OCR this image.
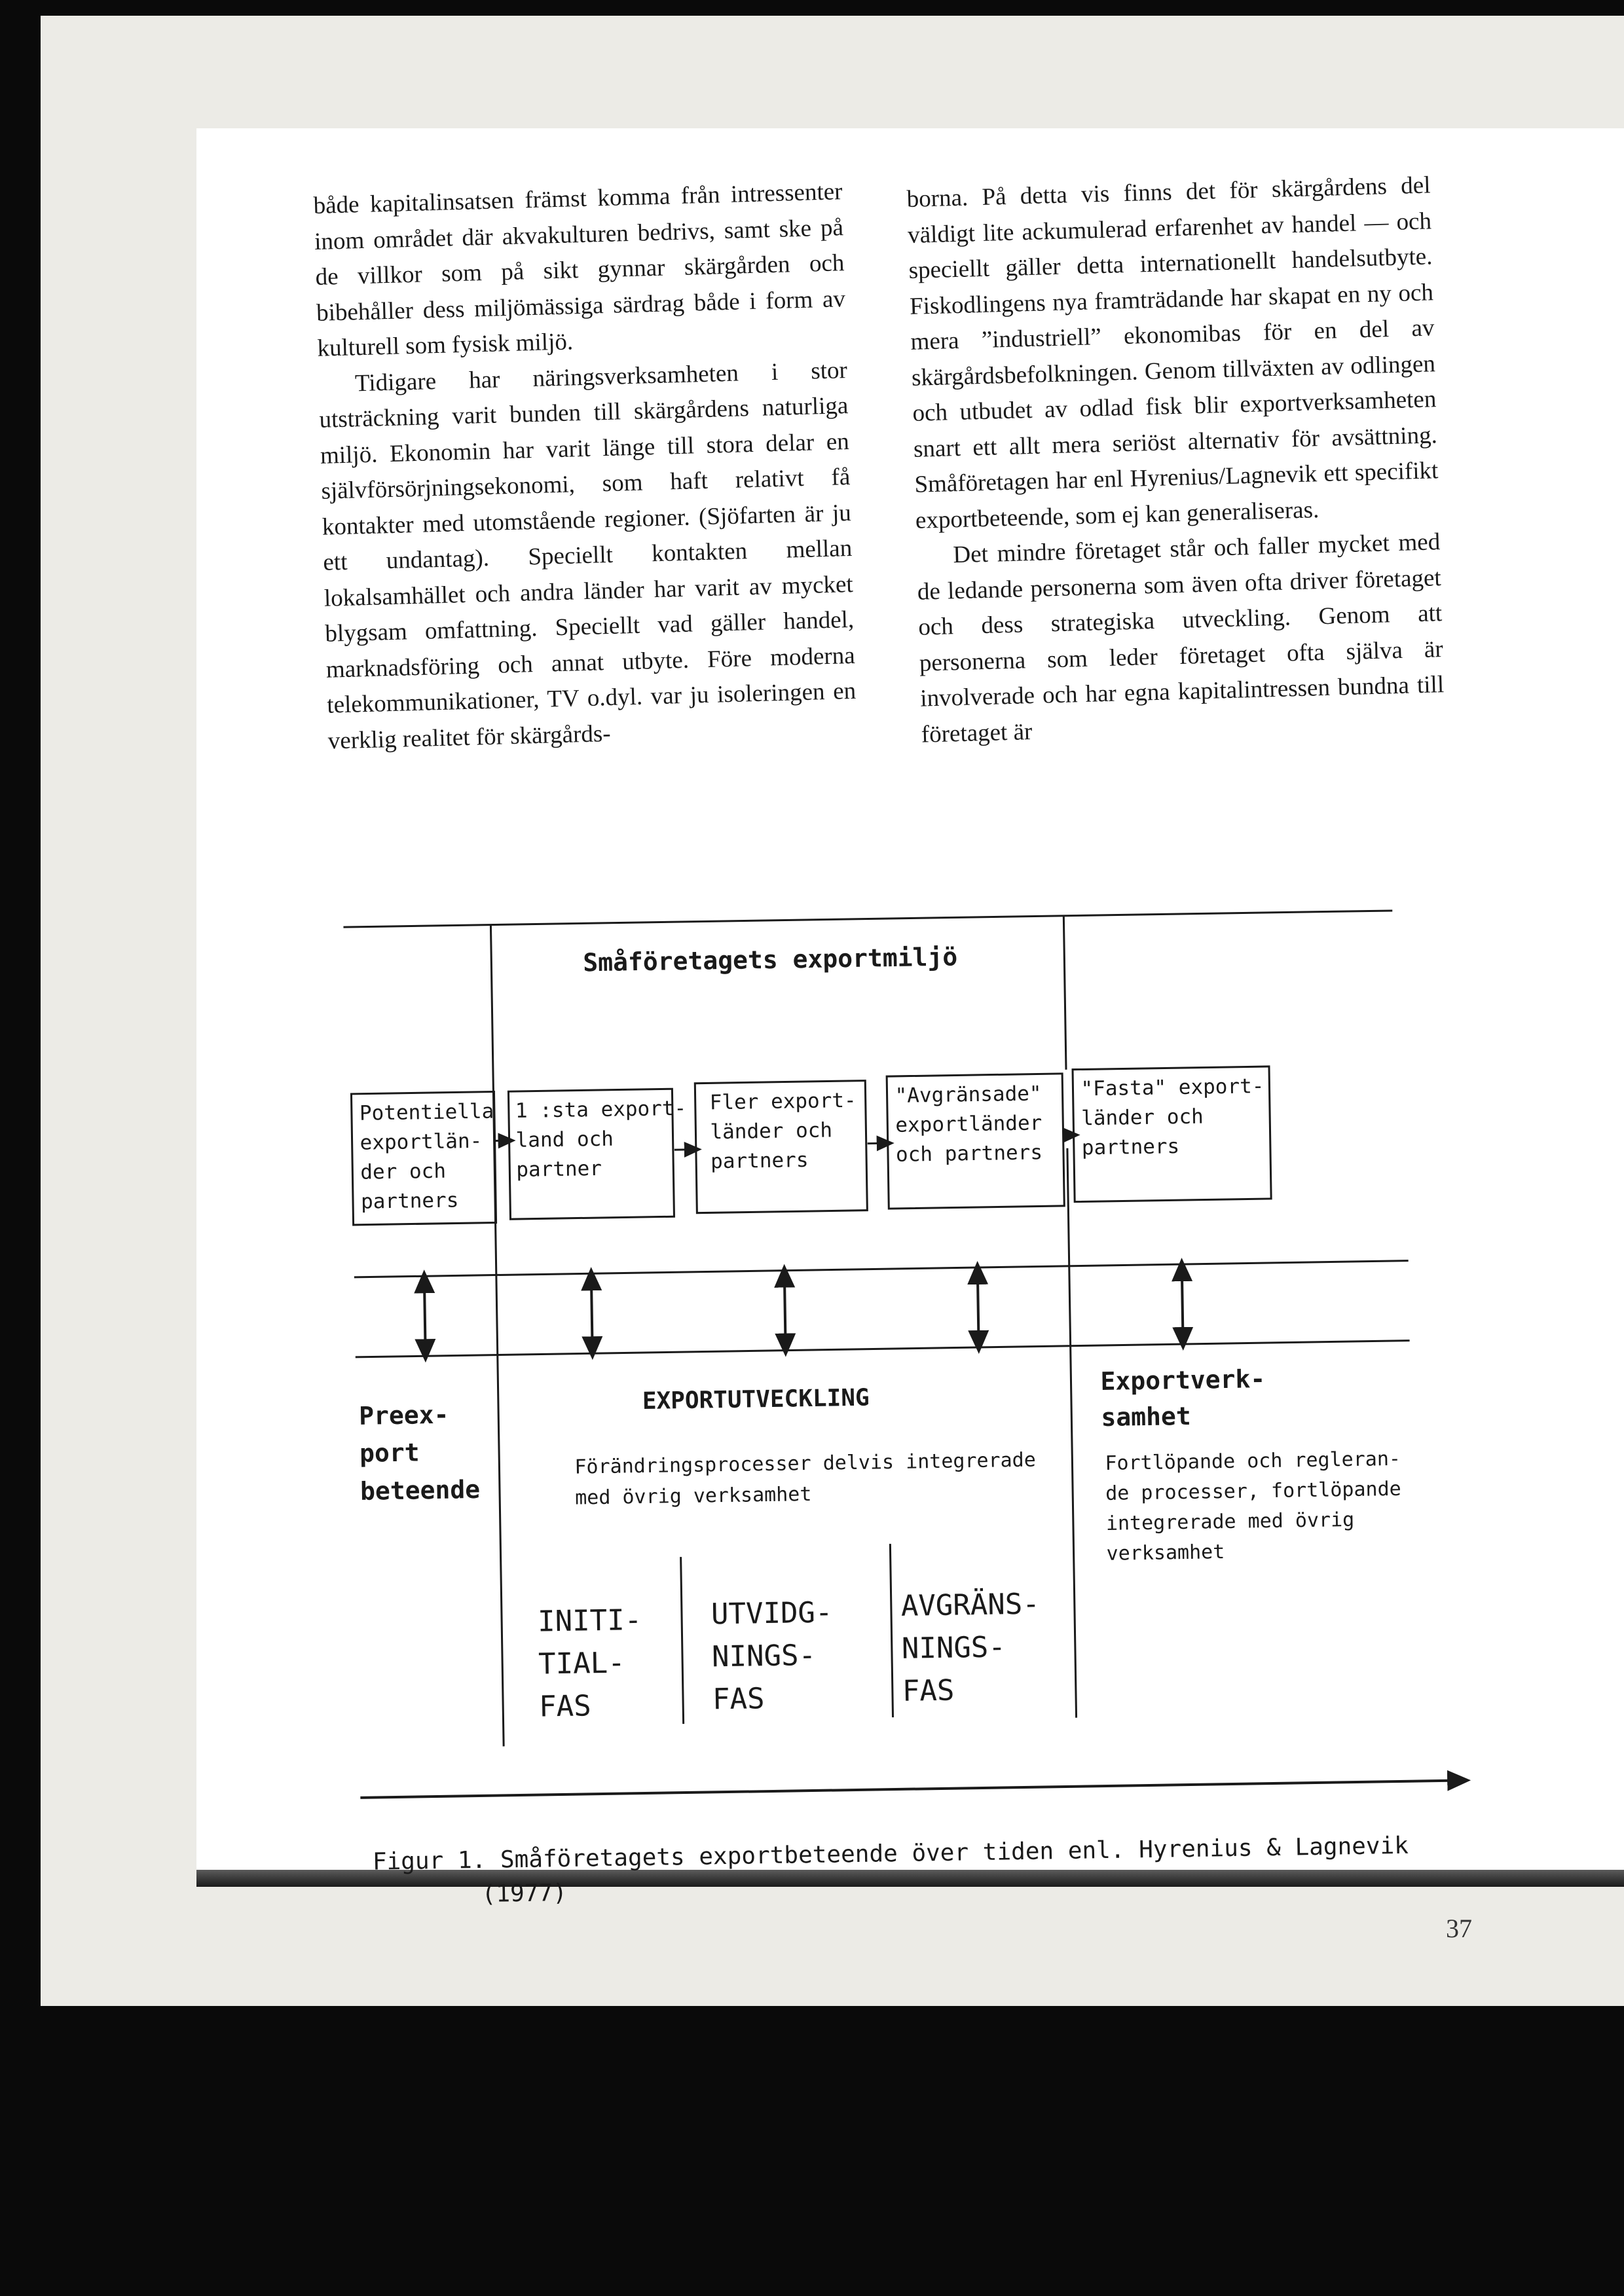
både kapitalinsatsen främst komma från intressenter inom området där akvakulturen bedrivs, samt ske på de villkor som på sikt gynnar skärgården och bibehåller dess miljömässiga särdrag både i form av kulturell som fysisk miljö.

Tidigare har näringsverksamheten i stor utsträckning varit bunden till skärgårdens naturliga miljö. Ekonomin har varit länge till stora delar en självförsörjningsekonomi, som haft relativt få kontakter med utomstående regioner. (Sjöfarten är ju ett undantag). Speciellt kontakten mellan lokalsamhället och andra länder har varit av mycket blygsam omfattning. Speciellt vad gäller handel, marknadsföring och annat utbyte. Före moderna telekommunikationer, TV o.dyl. var ju isoleringen en verklig realitet för skärgårds-

borna. På detta vis finns det för skärgårdens del väldigt lite ackumulerad erfarenhet av handel — och speciellt gäller detta internationellt handelsutbyte. Fiskodlingens nya framträdande har skapat en ny och mera ”industriell” ekonomibas för en del av skärgårdsbefolkningen. Genom tillväxten av odlingen och utbudet av odlad fisk blir exportverksamheten snart ett allt mera seriöst alternativ för avsättning. Småföretagen har enl Hyrenius/Lagnevik ett specifikt exportbeteende, som ej kan generaliseras.

Det mindre företaget står och faller mycket med de ledande personerna som även ofta driver företaget och dess strategiska utveckling. Genom att personerna som leder företaget ofta själva är involverade och har egna kapitalintressen bundna till företaget är

Småföretagets exportmiljö
Potentiella exportlän- der och partners
1 :sta export- land och partner
Fler export- länder och partners
"Avgränsade" exportländer och partners
"Fasta" export- länder och partners
Preex- port beteende
EXPORTUTVECKLING
Förändringsprocesser delvis integrerade med övrig verksamhet
INITI- TIAL- FAS
UTVIDG- NINGS- FAS
AVGRÄNS- NINGS- FAS
Exportverk- samhet
Fortlöpande och regleran- de processer, fortlöpande integrerade med övrig verksamhet
Figur 1. Småföretagets exportbeteende över tiden enl. Hyrenius & Lagnevik (1977)
37
